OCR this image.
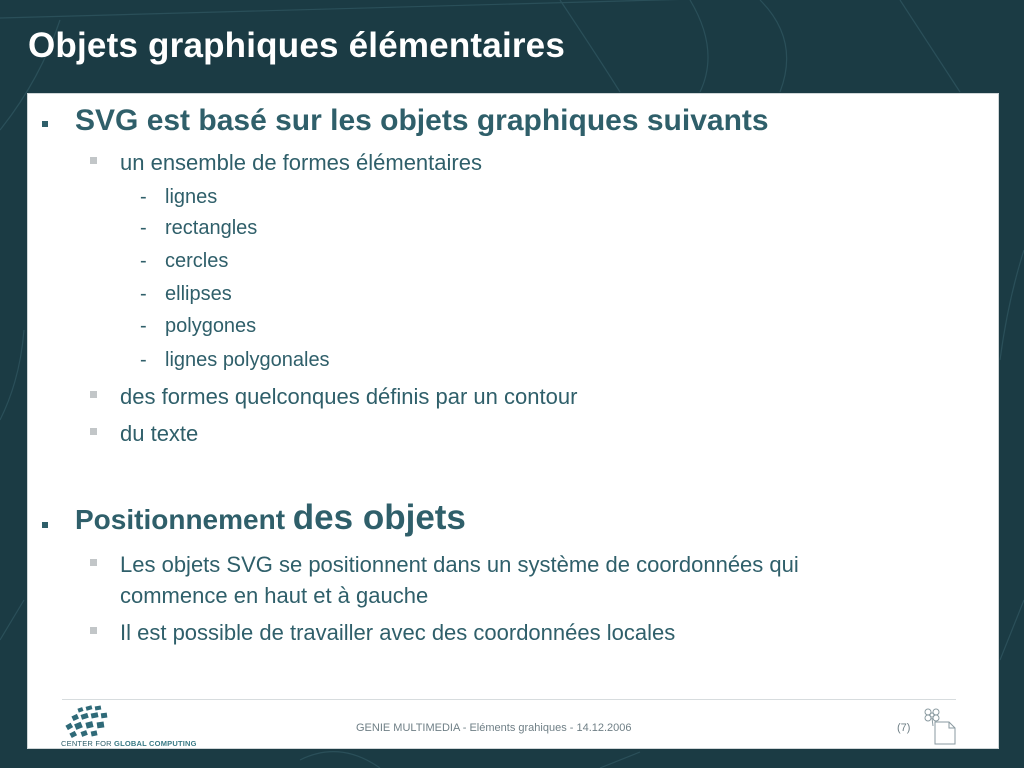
Objets graphiques élémentaires
SVG est basé sur les objets graphiques suivants
un ensemble de formes élémentaires
- lignes
- rectangles
- cercles
- ellipses
- polygones
- lignes polygonales
des formes quelconques définis par un contour
du texte
Positionnement des objets
Les objets SVG se positionnent dans un système de coordonnées qui
commence en haut et à gauche
Il est possible de travailler avec des coordonnées locales
CENTER FOR GLOBAL COMPUTING
GENIE MULTIMEDIA - Eléments grahiques - 14.12.2006	(7)
